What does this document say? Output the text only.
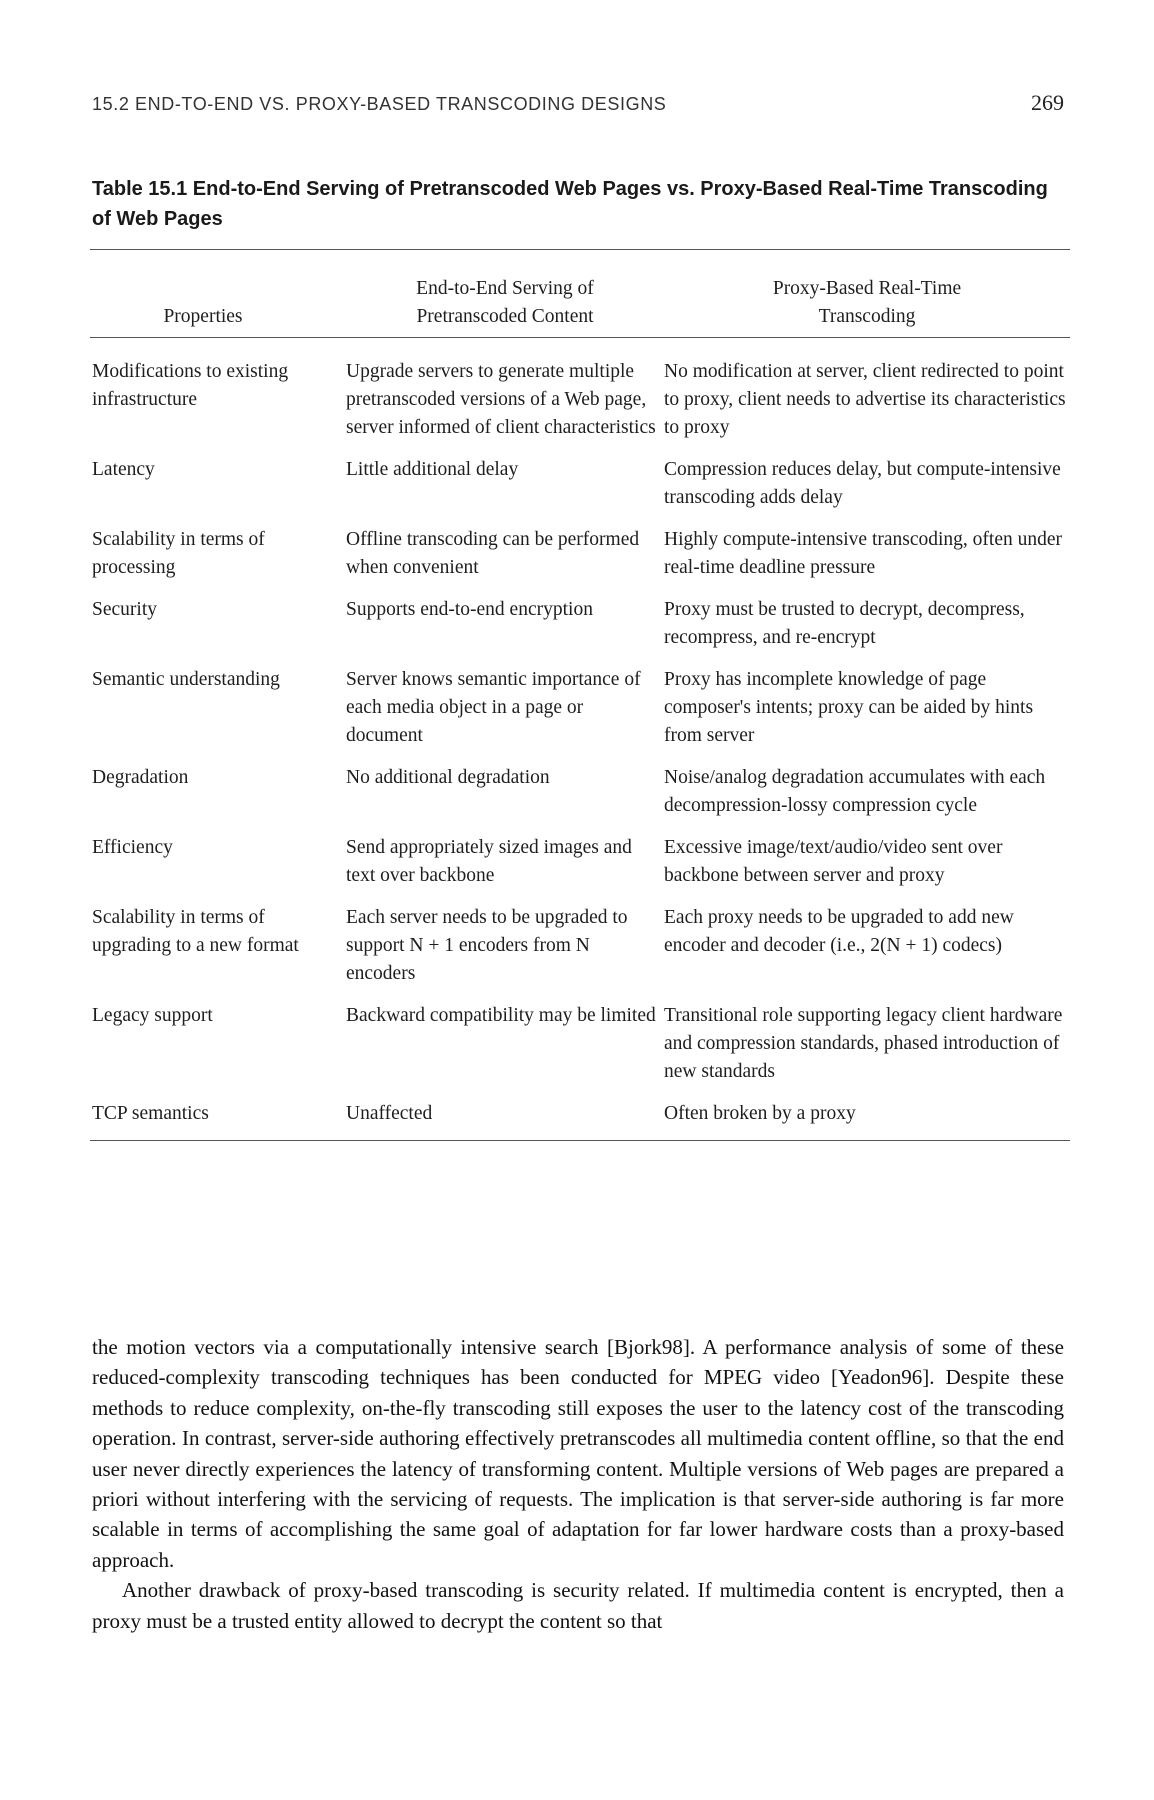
15.2 END-TO-END VS. PROXY-BASED TRANSCODING DESIGNS	269
Table 15.1 End-to-End Serving of Pretranscoded Web Pages vs. Proxy-Based Real-Time Transcoding of Web Pages
Properties	End-to-End Serving of Pretranscoded Content	Proxy-Based Real-Time Transcoding

Modifications to existing infrastructure	Upgrade servers to generate multiple pretranscoded versions of a Web page, server informed of client characteristics	No modification at server, client redirected to point to proxy, client needs to advertise its characteristics to proxy

Latency	Little additional delay	Compression reduces delay, but compute-intensive transcoding adds delay

Scalability in terms of processing	Offline transcoding can be performed when convenient	Highly compute-intensive transcoding, often under real-time deadline pressure

Security	Supports end-to-end encryption	Proxy must be trusted to decrypt, decompress, recompress, and re-encrypt

Semantic understanding	Server knows semantic importance of each media object in a page or document	Proxy has incomplete knowledge of page composer's intents; proxy can be aided by hints from server

Degradation	No additional degradation	Noise/analog degradation accumulates with each decompression-lossy compression cycle

Efficiency	Send appropriately sized images and text over backbone	Excessive image/text/audio/video sent over backbone between server and proxy

Scalability in terms of upgrading to a new format	Each server needs to be upgraded to support N + 1 encoders from N encoders	Each proxy needs to be upgraded to add new encoder and decoder (i.e., 2(N + 1) codecs)

Legacy support	Backward compatibility may be limited	Transitional role supporting legacy client hardware and compression standards, phased introduction of new standards

TCP semantics	Unaffected	Often broken by a proxy

the motion vectors via a computationally intensive search [Bjork98]. A performance analysis of some of these reduced-complexity transcoding techniques has been conducted for MPEG video [Yeadon96]. Despite these methods to reduce complexity, on-the-fly transcoding still exposes the user to the latency cost of the transcoding operation. In contrast, server-side authoring effectively pretranscodes all multimedia content offline, so that the end user never directly experiences the latency of transforming content. Multiple versions of Web pages are prepared a priori without interfering with the servicing of requests. The implication is that server-side authoring is far more scalable in terms of accomplishing the same goal of adaptation for far lower hardware costs than a proxy-based approach.

Another drawback of proxy-based transcoding is security related. If multimedia content is encrypted, then a proxy must be a trusted entity allowed to decrypt the content so that
